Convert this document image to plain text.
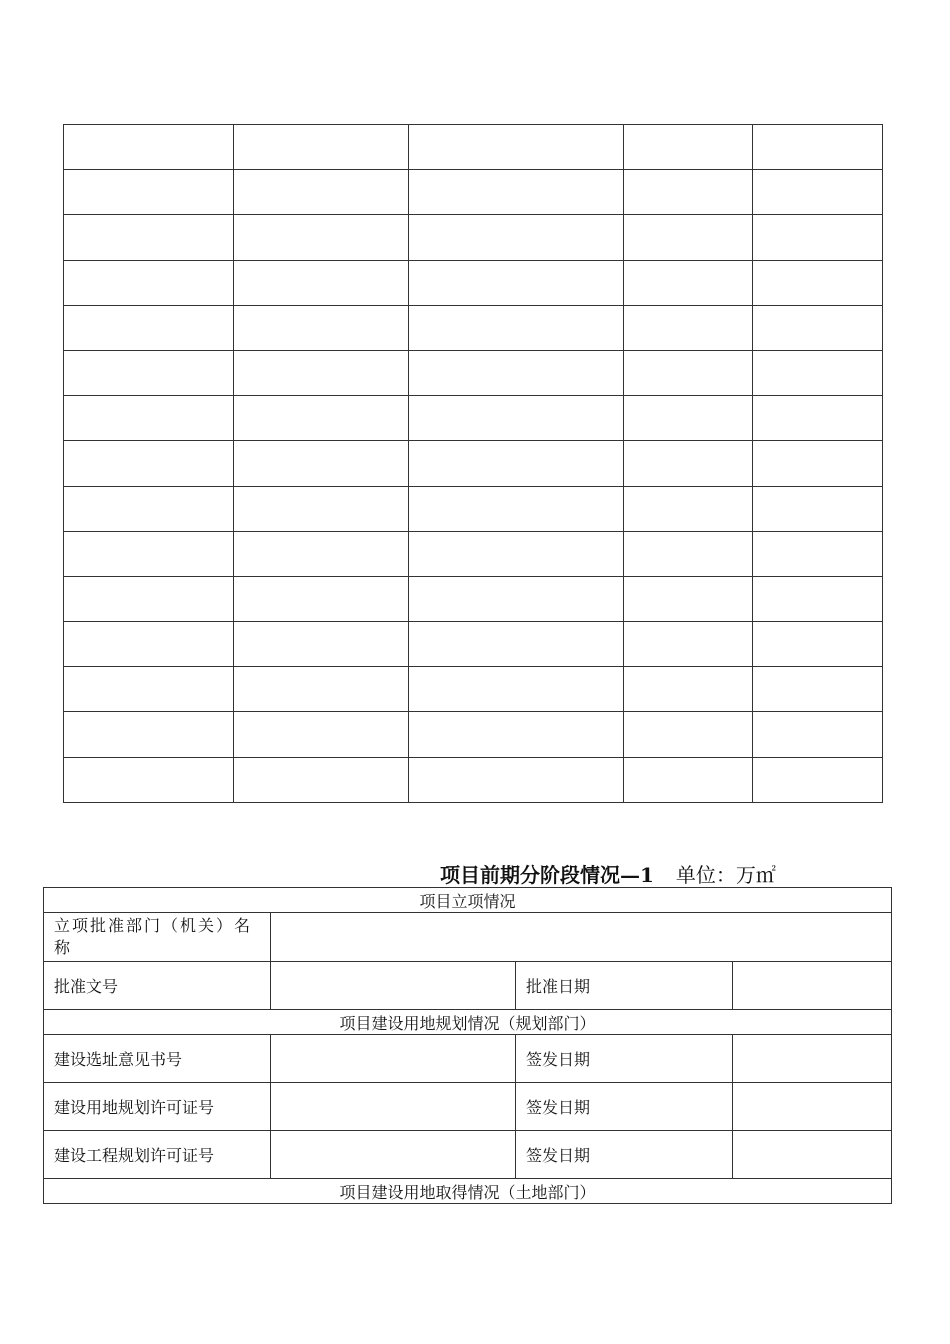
项目前期分阶段情况—1 单位：万㎡
项目立项情况			
立项批准部门（机关）名称			
批准文号		批准日期	
项目建设用地规划情况（规划部门）			
建设选址意见书号		签发日期	
建设用地规划许可证号		签发日期	
建设工程规划许可证号		签发日期	
项目建设用地取得情况（土地部门）			
